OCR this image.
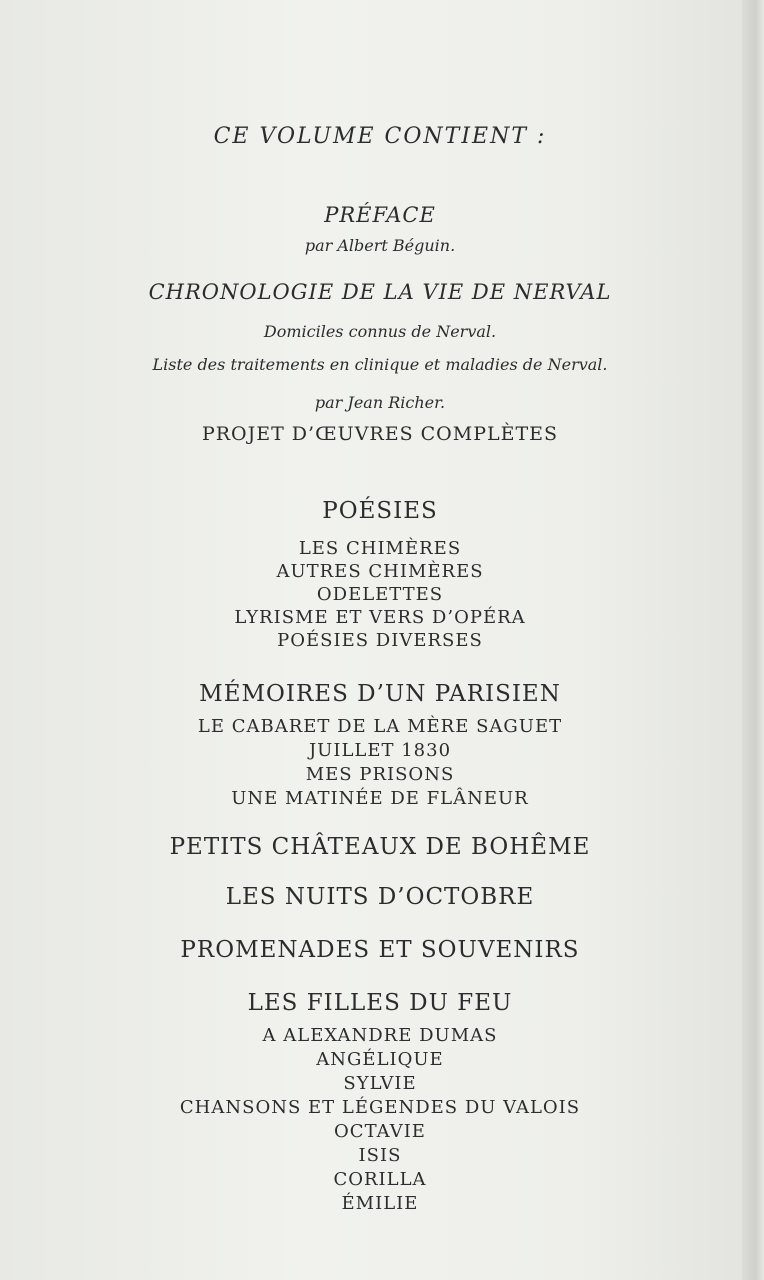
CE VOLUME CONTIENT :
PRÉFACE
par Albert Béguin.
CHRONOLOGIE DE LA VIE DE NERVAL
Domiciles connus de Nerval.
Liste des traitements en clinique et maladies de Nerval.
par Jean Richer.
PROJET D’ŒUVRES COMPLÈTES
POÉSIES
LES CHIMÈRES
AUTRES CHIMÈRES
ODELETTES
LYRISME ET VERS D’OPÉRA
POÉSIES DIVERSES
MÉMOIRES D’UN PARISIEN
LE CABARET DE LA MÈRE SAGUET
JUILLET 1830
MES PRISONS
UNE MATINÉE DE FLÂNEUR
PETITS CHÂTEAUX DE BOHÊME
LES NUITS D’OCTOBRE
PROMENADES ET SOUVENIRS
LES FILLES DU FEU
A ALEXANDRE DUMAS
ANGÉLIQUE
SYLVIE
CHANSONS ET LÉGENDES DU VALOIS
OCTAVIE
ISIS
CORILLA
ÉMILIE
